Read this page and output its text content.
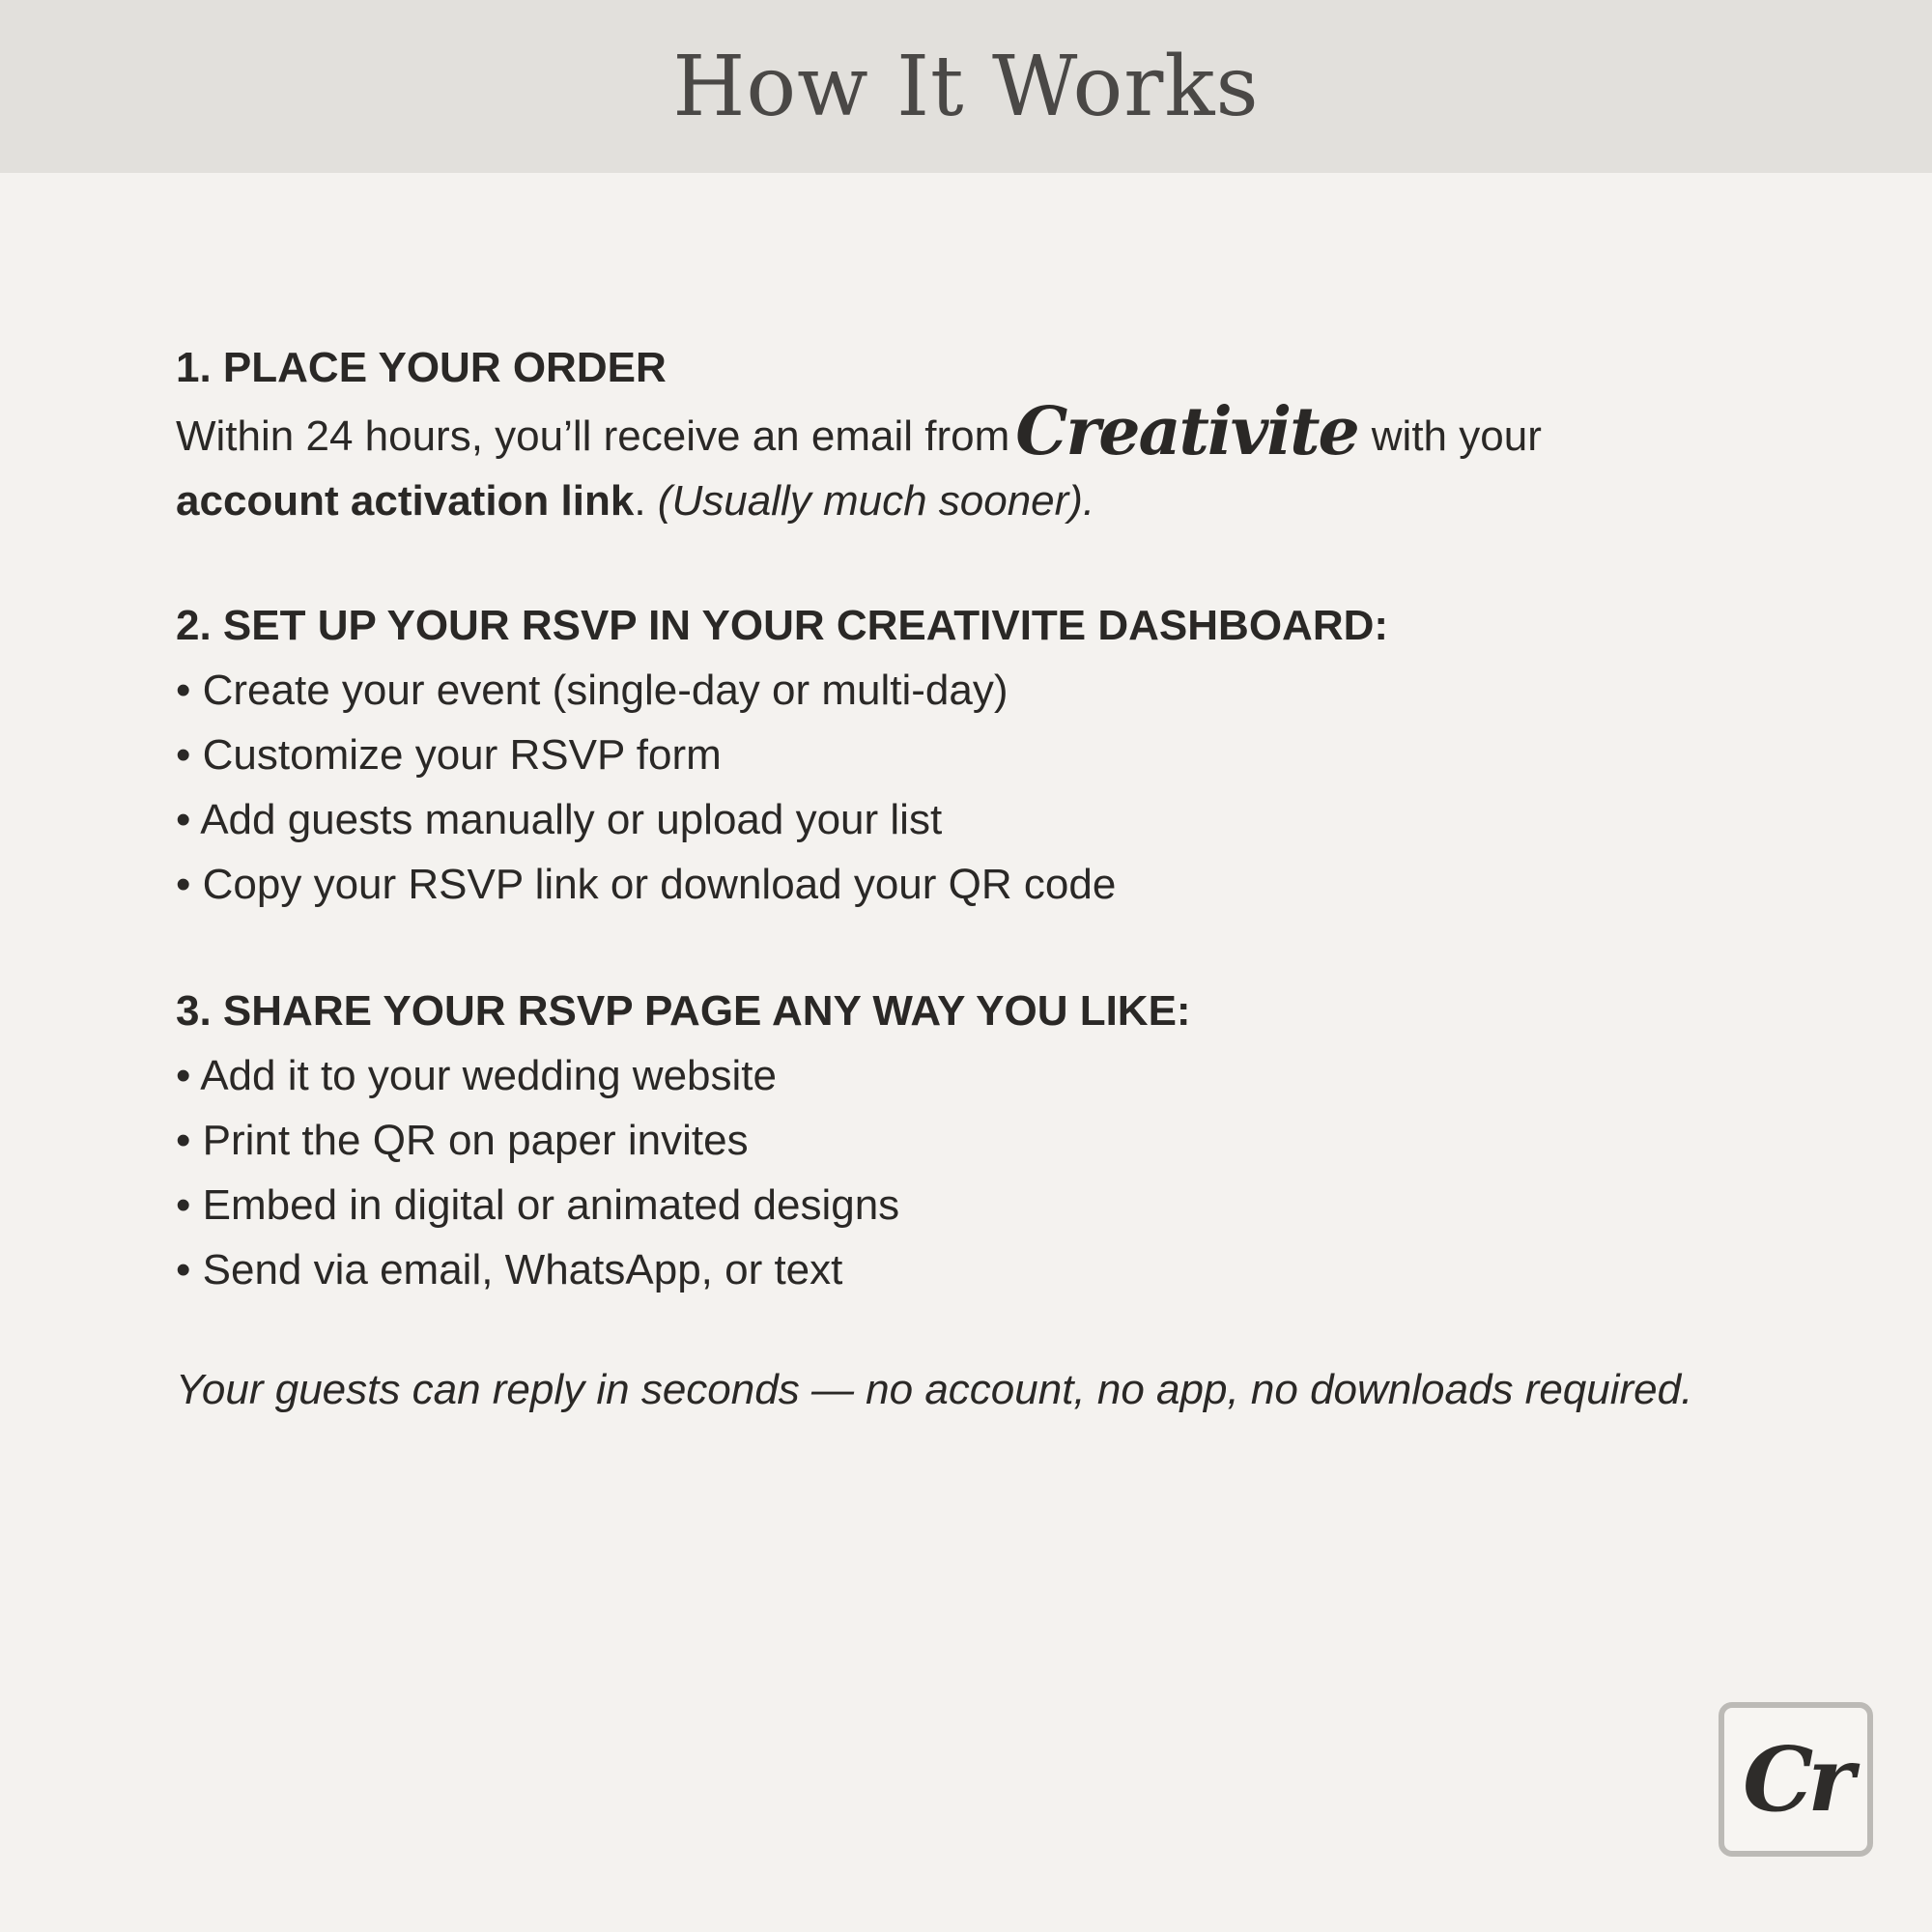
How It Works
1. PLACE YOUR ORDER
Within 24 hours, you’ll receive an email fromCreativite with your
account activation link. (Usually much sooner).
2. SET UP YOUR RSVP IN YOUR CREATIVITE DASHBOARD:
• Create your event (single-day or multi-day)
• Customize your RSVP form
• Add guests manually or upload your list
• Copy your RSVP link or download your QR code
3. SHARE YOUR RSVP PAGE ANY WAY YOU LIKE:
• Add it to your wedding website
• Print the QR on paper invites
• Embed in digital or animated designs
• Send via email, WhatsApp, or text
Your guests can reply in seconds — no account, no app, no downloads required.
Cr
